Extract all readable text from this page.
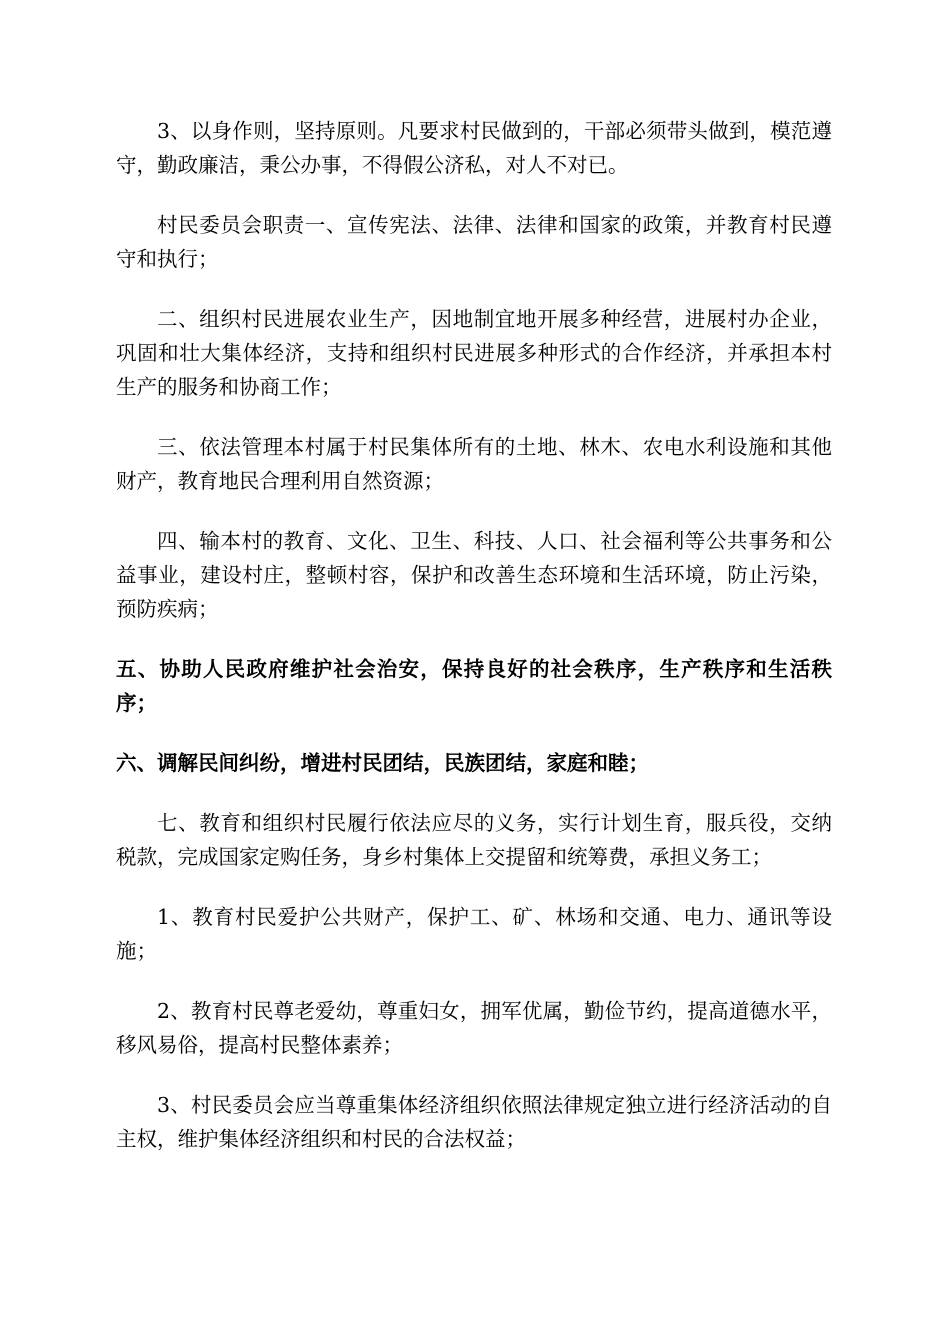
3、以身作则，坚持原则。凡要求村民做到的，干部必须带头做到，模范遵守，勤政廉洁，秉公办事，不得假公济私，对人不对已。

村民委员会职责一、宣传宪法、法律、法律和国家的政策，并教育村民遵守和执行；

二、组织村民进展农业生产，因地制宜地开展多种经营，进展村办企业，巩固和壮大集体经济，支持和组织村民进展多种形式的合作经济，并承担本村生产的服务和协商工作；

三、依法管理本村属于村民集体所有的土地、林木、农电水利设施和其他财产，教育地民合理利用自然资源；

四、输本村的教育、文化、卫生、科技、人口、社会福利等公共事务和公益事业，建设村庄，整顿村容，保护和改善生态环境和生活环境，防止污染，预防疾病；

五、协助人民政府维护社会治安，保持良好的社会秩序，生产秩序和生活秩序；

六、调解民间纠纷，增进村民团结，民族团结，家庭和睦；

七、教育和组织村民履行依法应尽的义务，实行计划生育，服兵役，交纳税款，完成国家定购任务，身乡村集体上交提留和统筹费，承担义务工；

1、教育村民爱护公共财产，保护工、矿、林场和交通、电力、通讯等设施；

2、教育村民尊老爱幼，尊重妇女，拥军优属，勤俭节约，提高道德水平，移风易俗，提高村民整体素养；

3、村民委员会应当尊重集体经济组织依照法律规定独立进行经济活动的自主权，维护集体经济组织和村民的合法权益；
